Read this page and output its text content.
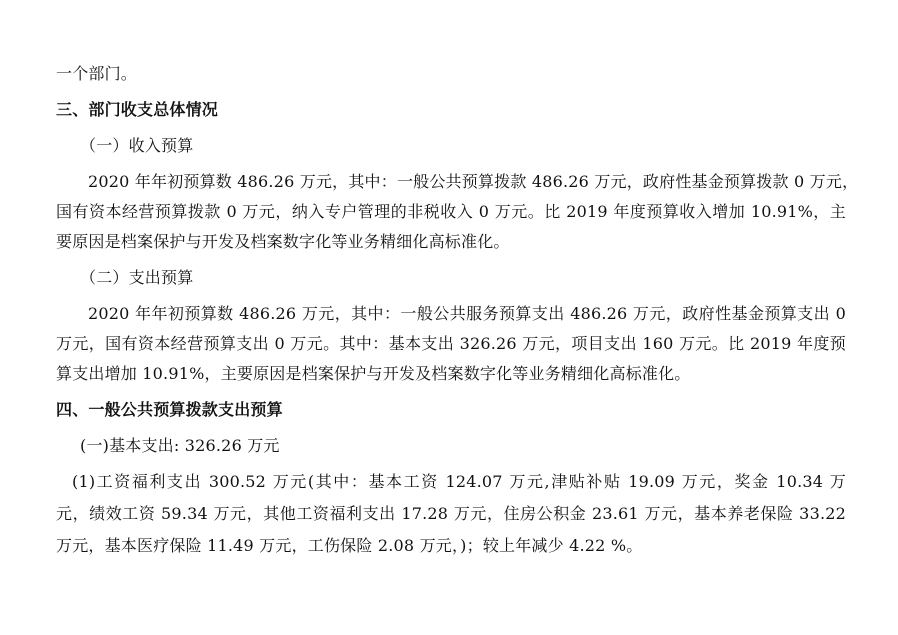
一个部门。
三、部门收支总体情况
（一）收入预算
2020 年年初预算数 486.26 万元，其中：一般公共预算拨款 486.26 万元，政府性基金预算拨款 0 万元，
国有资本经营预算拨款 0 万元，纳入专户管理的非税收入 0 万元。比 2019 年度预算收入增加 10.91%，主
要原因是档案保护与开发及档案数字化等业务精细化高标准化。
（二）支出预算
2020 年年初预算数 486.26 万元，其中：一般公共服务预算支出 486.26 万元，政府性基金预算支出 0
万元，国有资本经营预算支出 0 万元。其中：基本支出 326.26 万元，项目支出 160 万元。比 2019 年度预
算支出增加 10.91%，主要原因是档案保护与开发及档案数字化等业务精细化高标准化。
四、一般公共预算拨款支出预算
(一)基本支出: 326.26 万元
(1)工资福利支出 300.52 万元(其中：基本工资 124.07 万元,津贴补贴 19.09 万元，奖金 10.34 万
元，绩效工资 59.34 万元，其他工资福利支出 17.28 万元，住房公积金 23.61 万元，基本养老保险 33.22
万元，基本医疗保险 11.49 万元，工伤保险 2.08 万元，)；较上年减少 4.22 %。
